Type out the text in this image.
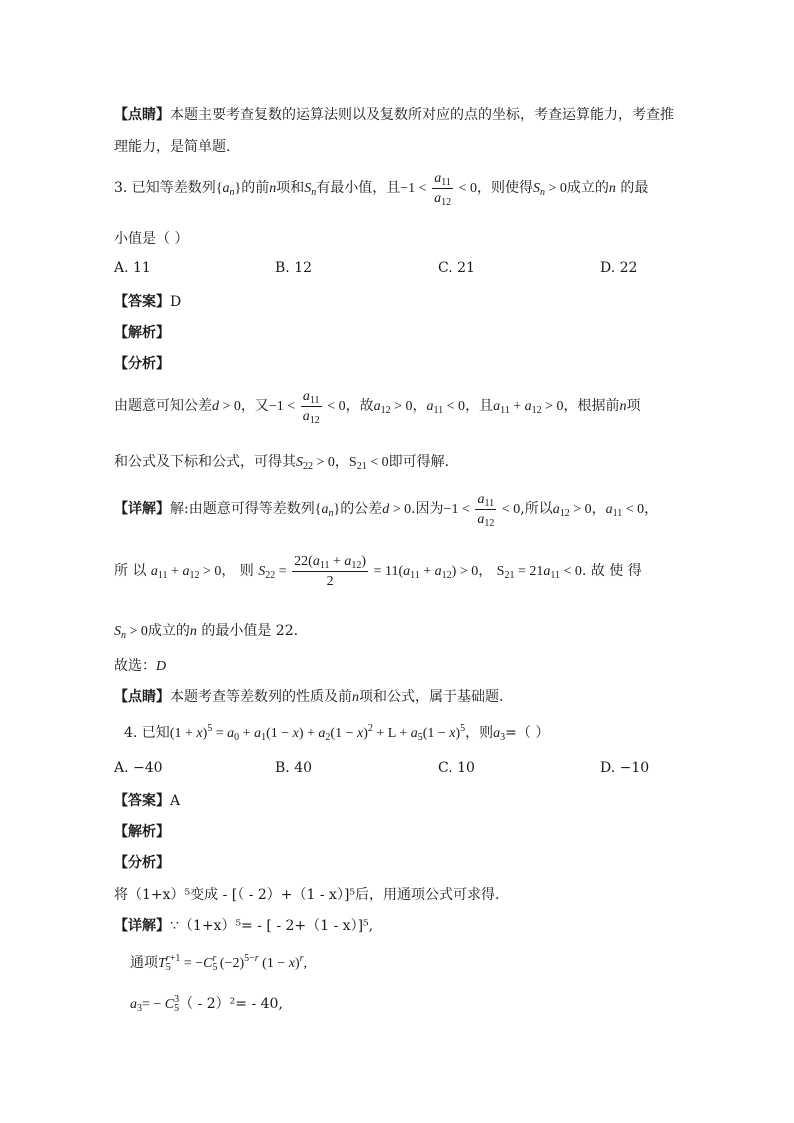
【点睛】本题主要考查复数的运算法则以及复数所对应的点的坐标，考查运算能力，考查推
理能力，是简单题.
3. 已知等差数列$\{a_n\}$的前n项和$S_n$有最小值，且$-1 < \frac{a_{11}}{a_{12}} < 0$，则使得$S_n > 0$成立的n 的最
小值是（ ）
A. 11	B. 12	C. 21	D. 22
【答案】D
【解析】
【分析】
由题意可知公差d > 0，又$-1 < \frac{a_{11}}{a_{12}} < 0$，故$a_{12} > 0$，$a_{11} < 0$，且$a_{11} + a_{12} > 0$，根据前n项
和公式及下标和公式，可得其$S_{22} > 0$，$S_{21} < 0$即可得解.
【详解】解:由题意可得等差数列$\{a_n\}$的公差d > 0.因为$-1 < \frac{a_{11}}{a_{12}} < 0$,所以$a_{12} > 0$，$a_{11} < 0$，
所 以 $a_{11} + a_{12} > 0$， 则 $S_{22} = \frac{22(a_{11} + a_{12})}{2} = 11(a_{11} + a_{12}) > 0$， $S_{21} = 21a_{11} < 0$. 故 使 得
$S_n > 0$成立的n 的最小值是 22.
故选：D
【点睛】本题考查等差数列的性质及前n项和公式，属于基础题.
4. 已知$(1 + x)^5 = a_0 + a_1(1 - x) + a_2(1 - x)^2 + L + a_5(1 - x)^5$，则$a_3=$（ ）
A. −40	B. 40	C. 10	D. −10
【答案】A
【解析】
【分析】
将（1+x）⁵变成 - [（ - 2）+（1 - x）]⁵后，用通项公式可求得.
【详解】∵（1+x）⁵= - [ - 2+（1 - x）]⁵,
通项$T_5^{r+1} = -C_5^r$ $(-2)^{5-r}$ $(1 - x)^r$,
$a_3= - C_5^3( - 2)^2= - 40$,
